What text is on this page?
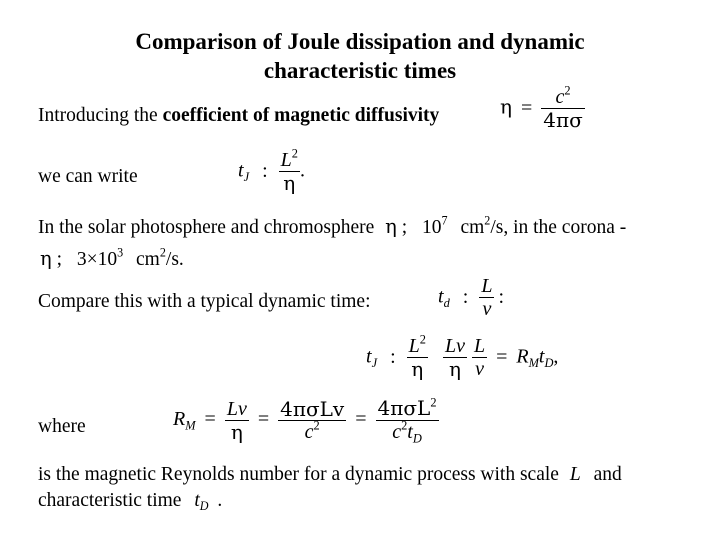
Comparison of Joule dissipation and dynamic
characteristic times
Introducing the coefficient of magnetic diffusivity	$\eta = \frac{c^2}{4\pi\sigma}$
we can write	$t_J$ : $\frac{L^2}{\eta}$ .
In the solar photosphere and chromosphere η ; $10^7$ $cm^2/s$, in the corona -
η ; $3\times 10^3$ $cm^2/s$.
Compare this with a typical dynamic time:	$t_d$ : $\frac{L}{v}$ :
$t_J$ : $\frac{L^2}{\eta}$
$\frac{Lv}{\eta}$
$\frac{L}{v} = R_Mt_D$,
where	$R_M = \frac{Lv}{\eta} = \frac{\text{4πσLv}}{c^2} = \frac{4\pi\sigma L^2}{c^2t_D}$
is the magnetic Reynolds number for a dynamic process with scale L and
characteristic time $t_D$ .
